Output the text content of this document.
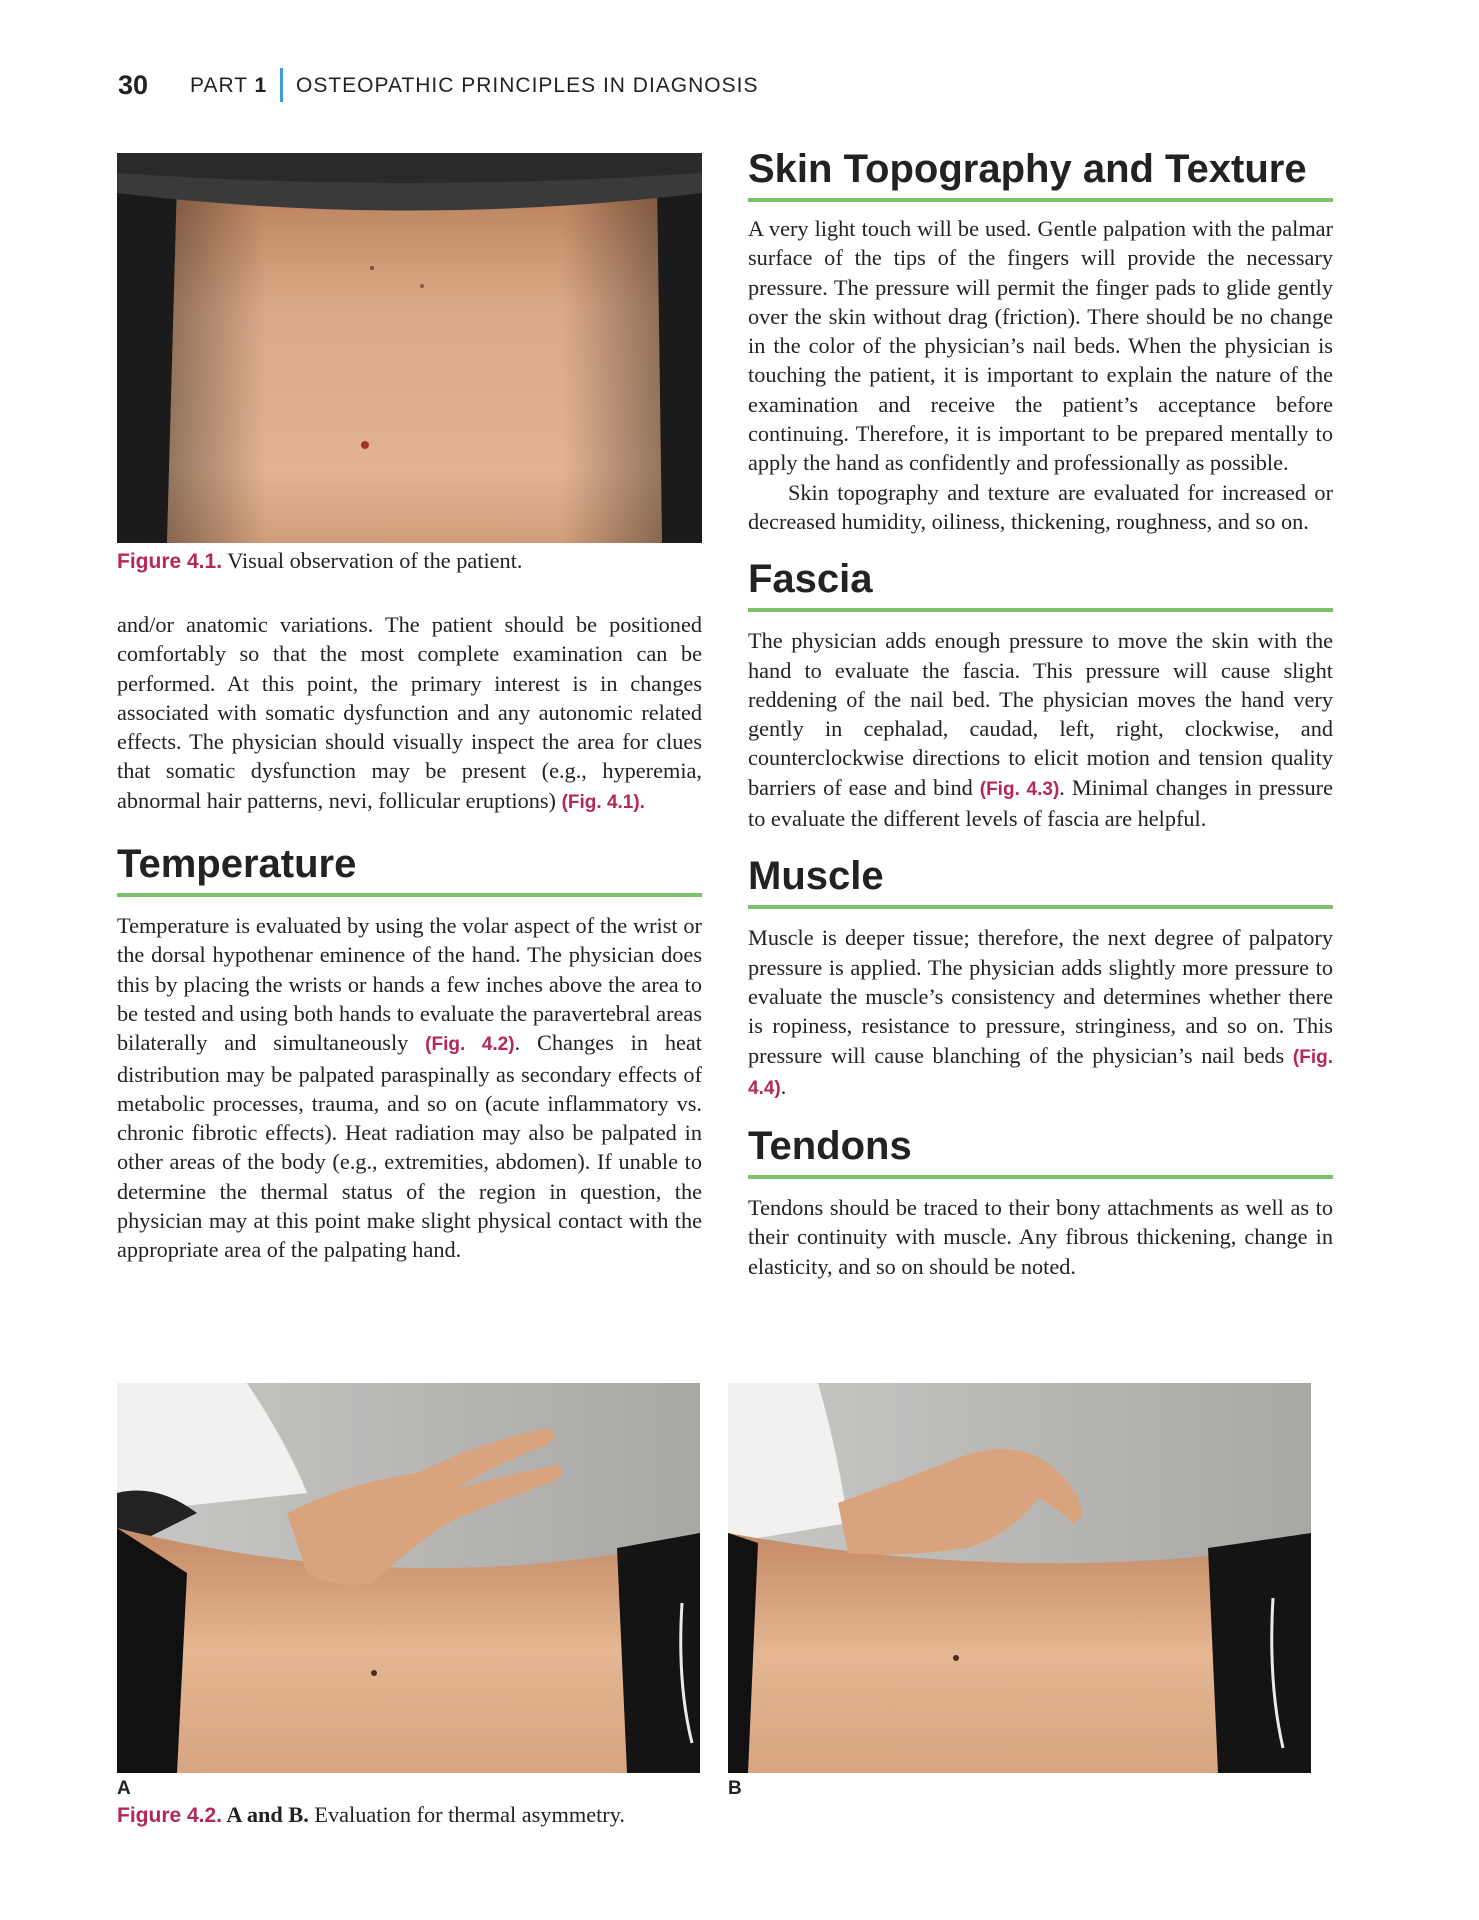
30 PART 1 OSTEOPATHIC PRINCIPLES IN DIAGNOSIS
Figure 4.1. Visual observation of the patient.

and/or anatomic variations. The patient should be positioned comfortably so that the most complete examination can be performed. At this point, the primary interest is in changes associated with somatic dysfunction and any autonomic related effects. The physician should visually inspect the area for clues that somatic dysfunction may be present (e.g., hyperemia, abnormal hair patterns, nevi, follicular eruptions) (Fig. 4.1).

Temperature

Temperature is evaluated by using the volar aspect of the wrist or the dorsal hypothenar eminence of the hand. The physician does this by placing the wrists or hands a few inches above the area to be tested and using both hands to evaluate the paravertebral areas bilaterally and simultaneously (Fig. 4.2). Changes in heat distribution may be palpated paraspinally as secondary effects of metabolic processes, trauma, and so on (acute inflammatory vs. chronic fibrotic effects). Heat radiation may also be palpated in other areas of the body (e.g., extremities, abdomen). If unable to determine the thermal status of the region in question, the physician may at this point make slight physical contact with the appropriate area of the palpating hand.

Skin Topography and Texture

A very light touch will be used. Gentle palpation with the palmar surface of the tips of the fingers will provide the necessary pressure. The pressure will permit the finger pads to glide gently over the skin without drag (friction). There should be no change in the color of the physician’s nail beds. When the physician is touching the patient, it is important to explain the nature of the examination and receive the patient’s acceptance before continuing. Therefore, it is important to be prepared mentally to apply the hand as confidently and professionally as possible.

Skin topography and texture are evaluated for increased or decreased humidity, oiliness, thickening, roughness, and so on.

Fascia

The physician adds enough pressure to move the skin with the hand to evaluate the fascia. This pressure will cause slight reddening of the nail bed. The physician moves the hand very gently in cephalad, caudad, left, right, clockwise, and counterclockwise directions to elicit motion and tension quality barriers of ease and bind (Fig. 4.3). Minimal changes in pressure to evaluate the different levels of fascia are helpful.

Muscle

Muscle is deeper tissue; therefore, the next degree of palpatory pressure is applied. The physician adds slightly more pressure to evaluate the muscle’s consistency and determines whether there is ropiness, resistance to pressure, stringiness, and so on. This pressure will cause blanching of the physician’s nail beds (Fig. 4.4).

Tendons

Tendons should be traced to their bony attachments as well as to their continuity with muscle. Any fibrous thickening, change in elasticity, and so on should be noted.

A	B
Figure 4.2. A and B. Evaluation for thermal asymmetry.
